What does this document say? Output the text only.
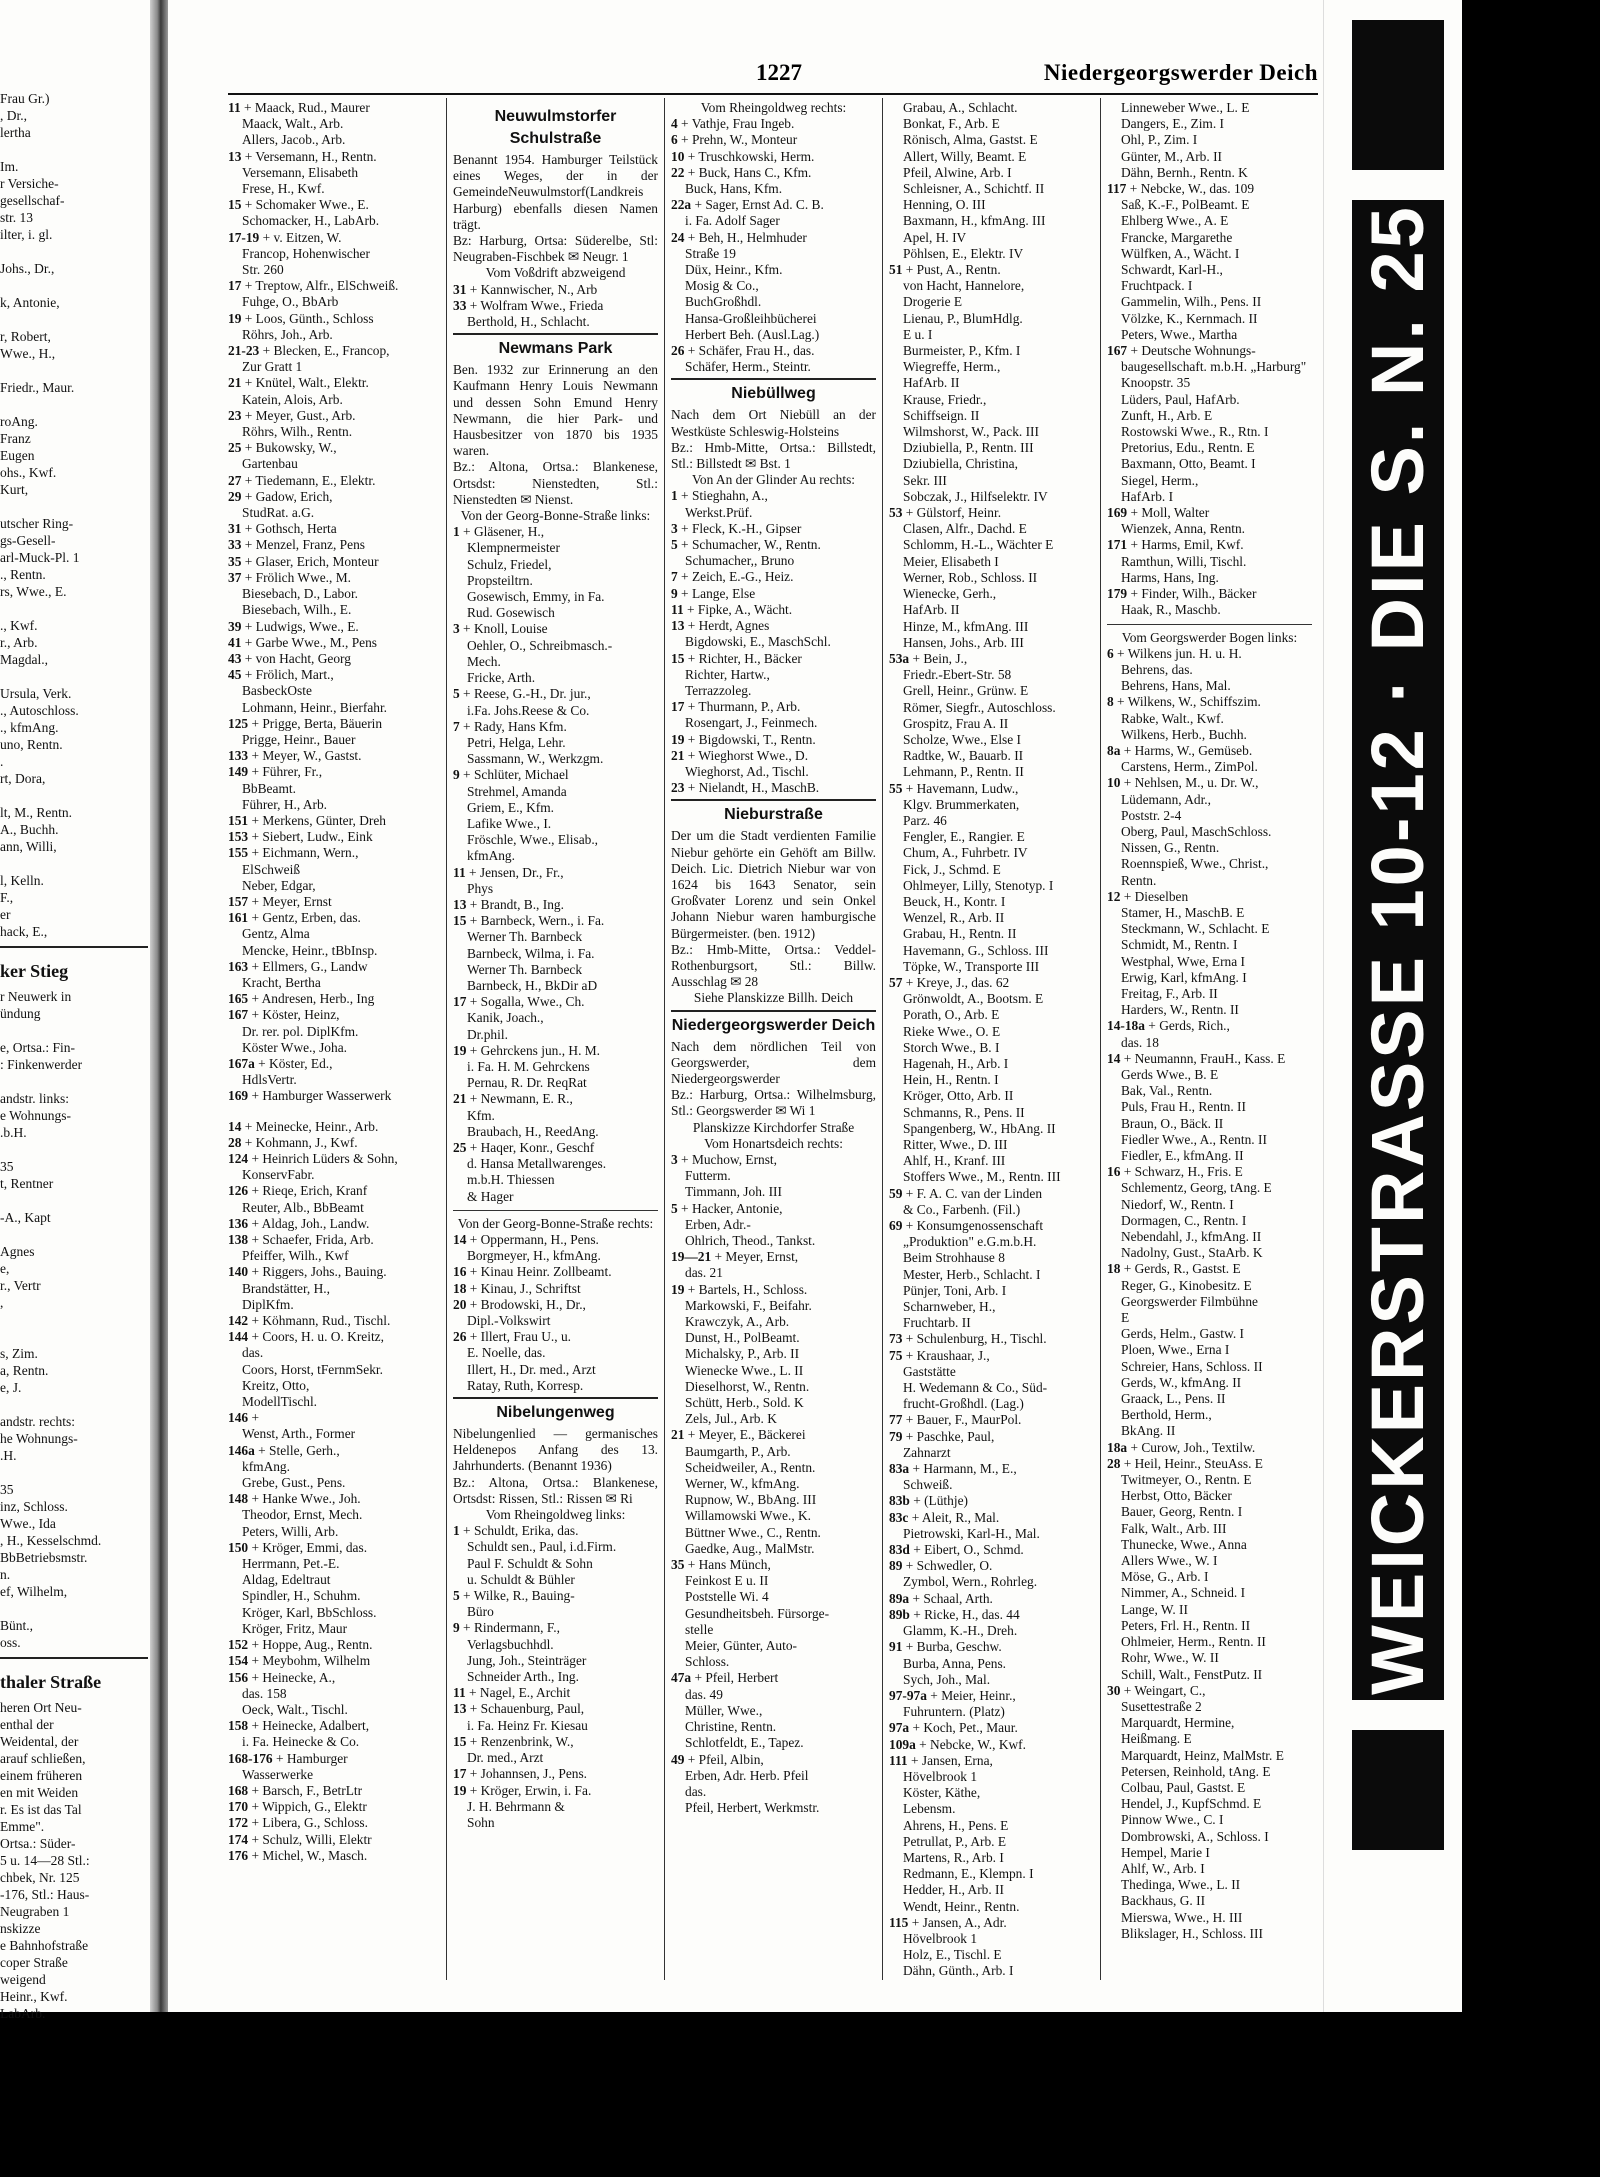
Frau Gr.)
, Dr.,
lertha

Im.
r Versiche-
gesellschaf-
str. 13
ilter, i. gl.

Johs., Dr.,

k, Antonie,

r, Robert,
Wwe., H.,

Friedr., Maur.

roAng.
Franz
Eugen
ohs., Kwf.
Kurt,

utscher Ring-
gs-Gesell-
arl-Muck-Pl. 1
., Rentn.
rs, Wwe., E.

., Kwf.
r., Arb.
Magdal.,

Ursula, Verk.
., Autoschloss.
., kfmAng.
uno, Rentn.
.
rt, Dora,

lt, M., Rentn.
A., Buchh.
ann, Willi,

l, Kelln.
F.,
er
hack, E.,
ker Stieg
r Neuwerk in
ündung

e, Ortsa.: Fin-
: Finkenwerder

andstr. links:
e Wohnungs-
.b.H.

35
t, Rentner

-A., Kapt

Agnes
e,
r., Vertr
,

s, Zim.
a, Rentn.
e, J.

andstr. rechts:
he Wohnungs-
.H.

35
inz, Schloss.
Wwe., Ida
, H., Kesselschmd.
BbBetriebsmstr.
n.
ef, Wilhelm,

Bünt.,
oss.
thaler Straße
heren Ort Neu-
enthal der
Weidental, der
arauf schließen,
einem früheren
en mit Weiden
r. Es ist das Tal
Emme".
Ortsa.: Süder-
5 u. 14—28 Stl.:
chbek, Nr. 125
-176, Stl.: Haus-
Neugraben 1
nskizze
e Bahnhofstraße
coper Straße
weigend
Heinr., Kwf.
LabArb.
1227	Niedergeorgswerder Deich
11 + Maack, Rud., Maurer
Maack, Walt., Arb.
Allers, Jacob., Arb.
13 + Versemann, H., Rentn.
Versemann, Elisabeth
Frese, H., Kwf.
15 + Schomaker Wwe., E.
Schomacker, H., LabArb.
17-19 + v. Eitzen, W.
Francop, Hohenwischer
Str. 260
17 + Treptow, Alfr., ElSchweiß.
Fuhge, O., BbArb
19 + Loos, Günth., Schloss
Röhrs, Joh., Arb.
21-23 + Blecken, E., Francop,
Zur Gratt 1
21 + Knütel, Walt., Elektr.
Katein, Alois, Arb.
23 + Meyer, Gust., Arb.
Röhrs, Wilh., Rentn.
25 + Bukowsky, W.,
Gartenbau
27 + Tiedemann, E., Elektr.
29 + Gadow, Erich,
StudRat. a.G.
31 + Gothsch, Herta
33 + Menzel, Franz, Pens
35 + Glaser, Erich, Monteur
37 + Frölich Wwe., M.
Biesebach, D., Labor.
Biesebach, Wilh., E.
39 + Ludwigs, Wwe., E.
41 + Garbe Wwe., M., Pens
43 + von Hacht, Georg
45 + Frölich, Mart.,
BasbeckOste
Lohmann, Heinr., Bierfahr.
125 + Prigge, Berta, Bäuerin
Prigge, Heinr., Bauer
133 + Meyer, W., Gastst.
149 + Führer, Fr.,
BbBeamt.
Führer, H., Arb.
151 + Merkens, Günter, Dreh
153 + Siebert, Ludw., Eink
155 + Eichmann, Wern.,
ElSchweiß
Neber, Edgar,
157 + Meyer, Ernst
161 + Gentz, Erben, das.
Gentz, Alma
Mencke, Heinr., tBbInsp.
163 + Ellmers, G., Landw
Kracht, Bertha
165 + Andresen, Herb., Ing
167 + Köster, Heinz,
Dr. rer. pol. DiplKfm.
Köster Wwe., Joha.
167a + Köster, Ed.,
HdlsVertr.
169 + Hamburger Wasserwerk
14 + Meinecke, Heinr., Arb.
28 + Kohmann, J., Kwf.
124 + Heinrich Lüders & Sohn,
KonservFabr.
126 + Rieqe, Erich, Kranf
Reuter, Alb., BbBeamt
136 + Aldag, Joh., Landw.
138 + Schaefer, Frida, Arb.
Pfeiffer, Wilh., Kwf
140 + Riggers, Johs., Bauing.
Brandstätter, H.,
DiplKfm.
142 + Köhmann, Rud., Tischl.
144 + Coors, H. u. O. Kreitz,
das.
Coors, Horst, tFernmSekr.
Kreitz, Otto,
ModellTischl.
146 +
Wenst, Arth., Former
146a + Stelle, Gerh.,
kfmAng.
Grebe, Gust., Pens.
148 + Hanke Wwe., Joh.
Theodor, Ernst, Mech.
Peters, Willi, Arb.
150 + Kröger, Emmi, das.
Herrmann, Pet.-E.
Aldag, Edeltraut
Spindler, H., Schuhm.
Kröger, Karl, BbSchloss.
Kröger, Fritz, Maur
152 + Hoppe, Aug., Rentn.
154 + Meybohm, Wilhelm
156 + Heinecke, A.,
das. 158
Oeck, Walt., Tischl.
158 + Heinecke, Adalbert,
i. Fa. Heinecke & Co.
168-176 + Hamburger
Wasserwerke
168 + Barsch, F., BetrLtr
170 + Wippich, G., Elektr
172 + Libera, G., Schloss.
174 + Schulz, Willi, Elektr
176 + Michel, W., Masch.
Neuwulmstorfer Schulstraße
Benannt 1954. Hamburger Teilstück eines Weges, der in der GemeindeNeuwulmstorf(Landkreis Harburg) ebenfalls diesen Namen trägt.
Bz: Harburg, Ortsa: Süderelbe, Stl: Neugraben-Fischbek ✉ Neugr. 1
Vom Voßdrift abzweigend
31 + Kannwischer, N., Arb
33 + Wolfram Wwe., Frieda
Berthold, H., Schlacht.
Newmans Park
Ben. 1932 zur Erinnerung an den Kaufmann Henry Louis Newmann und dessen Sohn Emund Henry Newmann, die hier Park- und Hausbesitzer von 1870 bis 1935 waren.
Bz.: Altona, Ortsa.: Blankenese, Ortsdst: Nienstedten, Stl.: Nienstedten ✉ Nienst.
Von der Georg-Bonne-Straße links:
1 + Gläsener, H.,
Klempnermeister
Schulz, Friedel,
Propsteiltrn.
Gosewisch, Emmy, in Fa.
Rud. Gosewisch
3 + Knoll, Louise
Oehler, O., Schreibmasch.-
Mech.
Fricke, Arth.
5 + Reese, G.-H., Dr. jur.,
i.Fa. Johs.Reese & Co.
7 + Rady, Hans Kfm.
Petri, Helga, Lehr.
Sassmann, W., Werkzgm.
9 + Schlüter, Michael
Strehmel, Amanda
Griem, E., Kfm.
Lafike Wwe., I.
Fröschle, Wwe., Elisab.,
kfmAng.
11 + Jensen, Dr., Fr.,
Phys
13 + Brandt, B., Ing.
15 + Barnbeck, Wern., i. Fa.
Werner Th. Barnbeck
Barnbeck, Wilma, i. Fa.
Werner Th. Barnbeck
Barnbeck, H., BkDir aD
17 + Sogalla, Wwe., Ch.
Kanik, Joach.,
Dr.phil.
19 + Gehrckens jun., H. M.
i. Fa. H. M. Gehrckens
Pernau, R. Dr. ReqRat
21 + Newmann, E. R.,
Kfm.
Braubach, H., ReedAng.
25 + Haqer, Konr., Geschf
d. Hansa Metallwarenges.
m.b.H. Thiessen
& Hager
Von der Georg-Bonne-Straße rechts:
14 + Oppermann, H., Pens.
Borgmeyer, H., kfmAng.
16 + Kinau Heinr. Zollbeamt.
18 + Kinau, J., Schriftst
20 + Brodowski, H., Dr.,
Dipl.-Volkswirt
26 + Illert, Frau U., u.
E. Noelle, das.
Illert, H., Dr. med., Arzt
Ratay, Ruth, Korresp.
Nibelungenweg
Nibelungenlied — germanisches Heldenepos Anfang des 13. Jahrhunderts. (Benannt 1936)
Bz.: Altona, Ortsa.: Blankenese, Ortsdst: Rissen, Stl.: Rissen ✉ Ri
Vom Rheingoldweg links:
1 + Schuldt, Erika, das.
Schuldt sen., Paul, i.d.Firm.
Paul F. Schuldt & Sohn
u. Schuldt & Bühler
5 + Wilke, R., Bauing-
Büro
9 + Rindermann, F.,
Verlagsbuchhdl.
Jung, Joh., Steinträger
Schneider Arth., Ing.
11 + Nagel, E., Archit
13 + Schauenburg, Paul,
i. Fa. Heinz Fr. Kiesau
15 + Renzenbrink, W.,
Dr. med., Arzt
17 + Johannsen, J., Pens.
19 + Kröger, Erwin, i. Fa.
J. H. Behrmann &
Sohn
Vom Rheingoldweg rechts:
4 + Vathje, Frau Ingeb.
6 + Prehn, W., Monteur
10 + Truschkowski, Herm.
22 + Buck, Hans C., Kfm.
Buck, Hans, Kfm.
22a + Sager, Ernst Ad. C. B.
i. Fa. Adolf Sager
24 + Beh, H., Helmhuder
Straße 19
Düx, Heinr., Kfm.
Mosig & Co.,
BuchGroßhdl.
Hansa-Großleihbücherei
Herbert Beh. (Ausl.Lag.)
26 + Schäfer, Frau H., das.
Schäfer, Herm., Steintr.
Niebüllweg
Nach dem Ort Niebüll an der Westküste Schleswig-Holsteins
Bz.: Hmb-Mitte, Ortsa.: Billstedt, Stl.: Billstedt ✉ Bst. 1
Von An der Glinder Au rechts:
1 + Stieghahn, A.,
Werkst.Prüf.
3 + Fleck, K.-H., Gipser
5 + Schumacher, W., Rentn.
Schumacher,, Bruno
7 + Zeich, E.-G., Heiz.
9 + Lange, Else
11 + Fipke, A., Wächt.
13 + Herdt, Agnes
Bigdowski, E., MaschSchl.
15 + Richter, H., Bäcker
Richter, Hartw.,
Terrazzoleg.
17 + Thurmann, P., Arb.
Rosengart, J., Feinmech.
19 + Bigdowski, T., Rentn.
21 + Wieghorst Wwe., D.
Wieghorst, Ad., Tischl.
23 + Nielandt, H., MaschB.
Nieburstraße
Der um die Stadt verdienten Familie Niebur gehörte ein Gehöft am Billw. Deich. Lic. Dietrich Niebur war von 1624 bis 1643 Senator, sein Großvater Lorenz und sein Onkel Johann Niebur waren hamburgische Bürgermeister. (ben. 1912)
Bz.: Hmb-Mitte, Ortsa.: Veddel-Rothenburgsort, Stl.: Billw. Ausschlag ✉ 28
Siehe Planskizze Billh. Deich
Niedergeorgswerder Deich
Nach dem nördlichen Teil von Georgswerder, dem Niedergeorgswerder
Bz.: Harburg, Ortsa.: Wilhelmsburg, Stl.: Georgswerder ✉ Wi 1
Planskizze Kirchdorfer Straße
Vom Honartsdeich rechts:
3 + Muchow, Ernst,
Futterm.
Timmann, Joh. III
5 + Hacker, Antonie,
Erben, Adr.-
Ohlrich, Theod., Tankst.
19—21 + Meyer, Ernst,
das. 21
19 + Bartels, H., Schloss.
Markowski, F., Beifahr.
Krawczyk, A., Arb.
Dunst, H., PolBeamt.
Michalsky, P., Arb. II
Wienecke Wwe., L. II
Dieselhorst, W., Rentn.
Schütt, Herb., Sold. K
Zels, Jul., Arb. K
21 + Meyer, E., Bäckerei
Baumgarth, P., Arb.
Scheidweiler, A., Rentn.
Werner, W., kfmAng.
Rupnow, W., BbAng. III
Willamowski Wwe., K.
Büttner Wwe., C., Rentn.
Gaedke, Aug., MalMstr.
35 + Hans Münch,
Feinkost E u. II
Poststelle Wi. 4
Gesundheitsbeh. Fürsorge-
stelle
Meier, Günter, Auto-
Schloss.
47a + Pfeil, Herbert
das. 49
Müller, Wwe.,
Christine, Rentn.
Schlotfeldt, E., Tapez.
49 + Pfeil, Albin,
Erben, Adr. Herb. Pfeil
das.
Pfeil, Herbert, Werkmstr.
Grabau, A., Schlacht.
Bonkat, F., Arb. E
Rönisch, Alma, Gastst. E
Allert, Willy, Beamt. E
Pfeil, Alwine, Arb. I
Schleisner, A., Schichtf. II
Henning, O. III
Baxmann, H., kfmAng. III
Apel, H. IV
Pöhlsen, E., Elektr. IV
51 + Pust, A., Rentn.
von Hacht, Hannelore,
Drogerie E
Lienau, P., BlumHdlg.
E u. I
Burmeister, P., Kfm. I
Wiegreffe, Herm.,
HafArb. II
Krause, Friedr.,
Schiffseign. II
Wilmshorst, W., Pack. III
Dziubiella, P., Rentn. III
Dziubiella, Christina,
Sekr. III
Sobczak, J., Hilfselektr. IV
53 + Gülstorf, Heinr.
Clasen, Alfr., Dachd. E
Schlomm, H.-L., Wächter E
Meier, Elisabeth I
Werner, Rob., Schloss. II
Wienecke, Gerh.,
HafArb. II
Hinze, M., kfmAng. III
Hansen, Johs., Arb. III
53a + Bein, J.,
Friedr.-Ebert-Str. 58
Grell, Heinr., Grünw. E
Römer, Siegfr., Autoschloss.
Grospitz, Frau A. II
Scholze, Wwe., Else I
Radtke, W., Bauarb. II
Lehmann, P., Rentn. II
55 + Havemann, Ludw.,
Klgv. Brummerkaten,
Parz. 46
Fengler, E., Rangier. E
Chum, A., Fuhrbetr. IV
Fick, J., Schmd. E
Ohlmeyer, Lilly, Stenotyp. I
Beuck, H., Kontr. I
Wenzel, R., Arb. II
Grabau, H., Rentn. II
Havemann, G., Schloss. III
Töpke, W., Transporte III
57 + Kreye, J., das. 62
Grönwoldt, A., Bootsm. E
Porath, O., Arb. E
Rieke Wwe., O. E
Storch Wwe., B. I
Hagenah, H., Arb. I
Hein, H., Rentn. I
Kröger, Otto, Arb. II
Schmanns, R., Pens. II
Spangenberg, W., HbAng. II
Ritter, Wwe., D. III
Ahlf, H., Kranf. III
Stoffers Wwe., M., Rentn. III
59 + F. A. C. van der Linden
& Co., Farbenh. (Fil.)
69 + Konsumgenossenschaft
„Produktion" e.G.m.b.H.
Beim Strohhause 8
Mester, Herb., Schlacht. I
Pünjer, Toni, Arb. I
Scharnweber, H.,
Fruchtarb. II
73 + Schulenburg, H., Tischl.
75 + Kraushaar, J.,
Gaststätte
H. Wedemann & Co., Süd-
frucht-Großhdl. (Lag.)
77 + Bauer, F., MaurPol.
79 + Paschke, Paul,
Zahnarzt
83a + Harmann, M., E.,
Schweiß.
83b + (Lüthje)
83c + Aleit, R., Mal.
Pietrowski, Karl-H., Mal.
83d + Eibert, O., Schmd.
89 + Schwedler, O.
Zymbol, Wern., Rohrleg.
89a + Schaal, Arth.
89b + Ricke, H., das. 44
Glamm, K.-H., Dreh.
91 + Burba, Geschw.
Burba, Anna, Pens.
Sych, Joh., Mal.
97-97a + Meier, Heinr.,
Fuhruntern. (Platz)
97a + Koch, Pet., Maur.
109a + Nebcke, W., Kwf.
111 + Jansen, Erna,
Hövelbrook 1
Köster, Käthe,
Lebensm.
Ahrens, H., Pens. E
Petrullat, P., Arb. E
Martens, R., Arb. I
Redmann, E., Klempn. I
Hedder, H., Arb. II
Wendt, Heinr., Rentn.
115 + Jansen, A., Adr.
Hövelbrook 1
Holz, E., Tischl. E
Dähn, Günth., Arb. I
Linneweber Wwe., L. E
Dangers, E., Zim. I
Ohl, P., Zim. I
Günter, M., Arb. II
Dähn, Bernh., Rentn. K
117 + Nebcke, W., das. 109
Saß, K.-F., PolBeamt. E
Ehlberg Wwe., A. E
Francke, Margarethe
Wülfken, A., Wächt. I
Schwardt, Karl-H.,
Fruchtpack. I
Gammelin, Wilh., Pens. II
Völzke, K., Kernmach. II
Peters, Wwe., Martha
167 + Deutsche Wohnungs-
baugesellschaft. m.b.H. „Harburg"
Knoopstr. 35
Lüders, Paul, HafArb.
Zunft, H., Arb. E
Rostowski Wwe., R., Rtn. I
Pretorius, Edu., Rentn. E
Baxmann, Otto, Beamt. I
Siegel, Herm.,
HafArb. I
169 + Moll, Walter
Wienzek, Anna, Rentn.
171 + Harms, Emil, Kwf.
Ramthun, Willi, Tischl.
Harms, Hans, Ing.
179 + Finder, Wilh., Bäcker
Haak, R., Maschb.
Vom Georgswerder Bogen links:
6 + Wilkens jun. H. u. H.
Behrens, das.
Behrens, Hans, Mal.
8 + Wilkens, W., Schiffszim.
Rabke, Walt., Kwf.
Wilkens, Herb., Buchh.
8a + Harms, W., Gemüseb.
Carstens, Herm., ZimPol.
10 + Nehlsen, M., u. Dr. W.,
Lüdemann, Adr.,
Poststr. 2-4
Oberg, Paul, MaschSchloss.
Nissen, G., Rentn.
Roennspieß, Wwe., Christ.,
Rentn.
12 + Dieselben
Stamer, H., MaschB. E
Steckmann, W., Schlacht. E
Schmidt, M., Rentn. I
Westphal, Wwe, Erna I
Erwig, Karl, kfmAng. I
Freitag, F., Arb. II
Harders, W., Rentn. II
14-18a + Gerds, Rich.,
das. 18
14 + Neumannn, FrauH., Kass. E
Gerds Wwe., B. E
Bak, Val., Rentn.
Puls, Frau H., Rentn. II
Braun, O., Bäck. II
Fiedler Wwe., A., Rentn. II
Fiedler, E., kfmAng. II
16 + Schwarz, H., Fris. E
Schlementz, Georg, tAng. E
Niedorf, W., Rentn. I
Dormagen, C., Rentn. I
Nebendahl, J., kfmAng. II
Nadolny, Gust., StaArb. K
18 + Gerds, R., Gastst. E
Reger, G., Kinobesitz. E
Georgswerder Filmbühne
E
Gerds, Helm., Gastw. I
Ploen, Wwe., Erna I
Schreier, Hans, Schloss. II
Gerds, W., kfmAng. II
Graack, L., Pens. II
Berthold, Herm.,
BkAng. II
18a + Curow, Joh., Textilw.
28 + Heil, Heinr., SteuAss. E
Twitmeyer, O., Rentn. E
Herbst, Otto, Bäcker
Bauer, Georg, Rentn. I
Falk, Walt., Arb. III
Thunecke, Wwe., Anna
Allers Wwe., W. I
Möse, G., Arb. I
Nimmer, A., Schneid. I
Lange, W. II
Peters, Frl. H., Rentn. II
Ohlmeier, Herm., Rentn. II
Rohr, Wwe., W. II
Schill, Walt., FenstPutz. II
30 + Weingart, C.,
Susettestraße 2
Marquardt, Hermine,
Heißmang. E
Marquardt, Heinz, MalMstr. E
Petersen, Reinhold, tAng. E
Colbau, Paul, Gastst. E
Hendel, J., KupfSchmd. E
Pinnow Wwe., C. I
Dombrowski, A., Schloss. I
Hempel, Marie I
Ahlf, W., Arb. I
Thedinga, Wwe., L. II
Backhaus, G. II
Mierswa, Wwe., H. III
Blikslager, H., Schloss. III
WEICKERSTRASSE 10-12 · DIE S. N. 25
